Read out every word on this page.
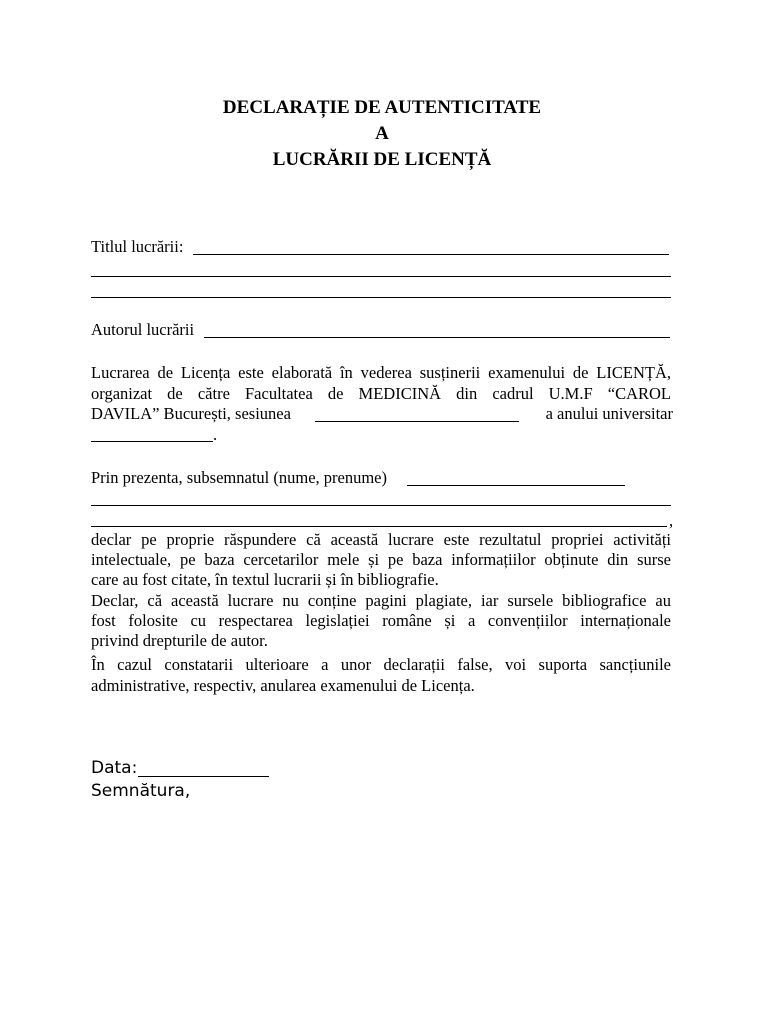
DECLARAȚIE DE AUTENTICITATE
A
LUCRĂRII DE LICENȚĂ
Titlul lucrării:
Autorul lucrării
Lucrarea de Licența este elaborată în vederea susținerii examenului de LICENȚĂ,
organizat de către Facultatea de MEDICINĂ din cadrul U.M.F “CAROL
DAVILA” București, sesiunea	a anului universitar
.
Prin prezenta, subsemnatul (nume, prenume)
,
declar pe proprie răspundere că această lucrare este rezultatul propriei activități
intelectuale, pe baza cercetarilor mele și pe baza informațiilor obținute din surse
care au fost citate, în textul lucrarii și în bibliografie.
Declar, că această lucrare nu conține pagini plagiate, iar sursele bibliografice au
fost folosite cu respectarea legislației române și a convențiilor internaționale
privind drepturile de autor.
În cazul constatarii ulterioare a unor declarații false, voi suporta sancțiunile
administrative, respectiv, anularea examenului de Licența.
Data:
Semnătura,
